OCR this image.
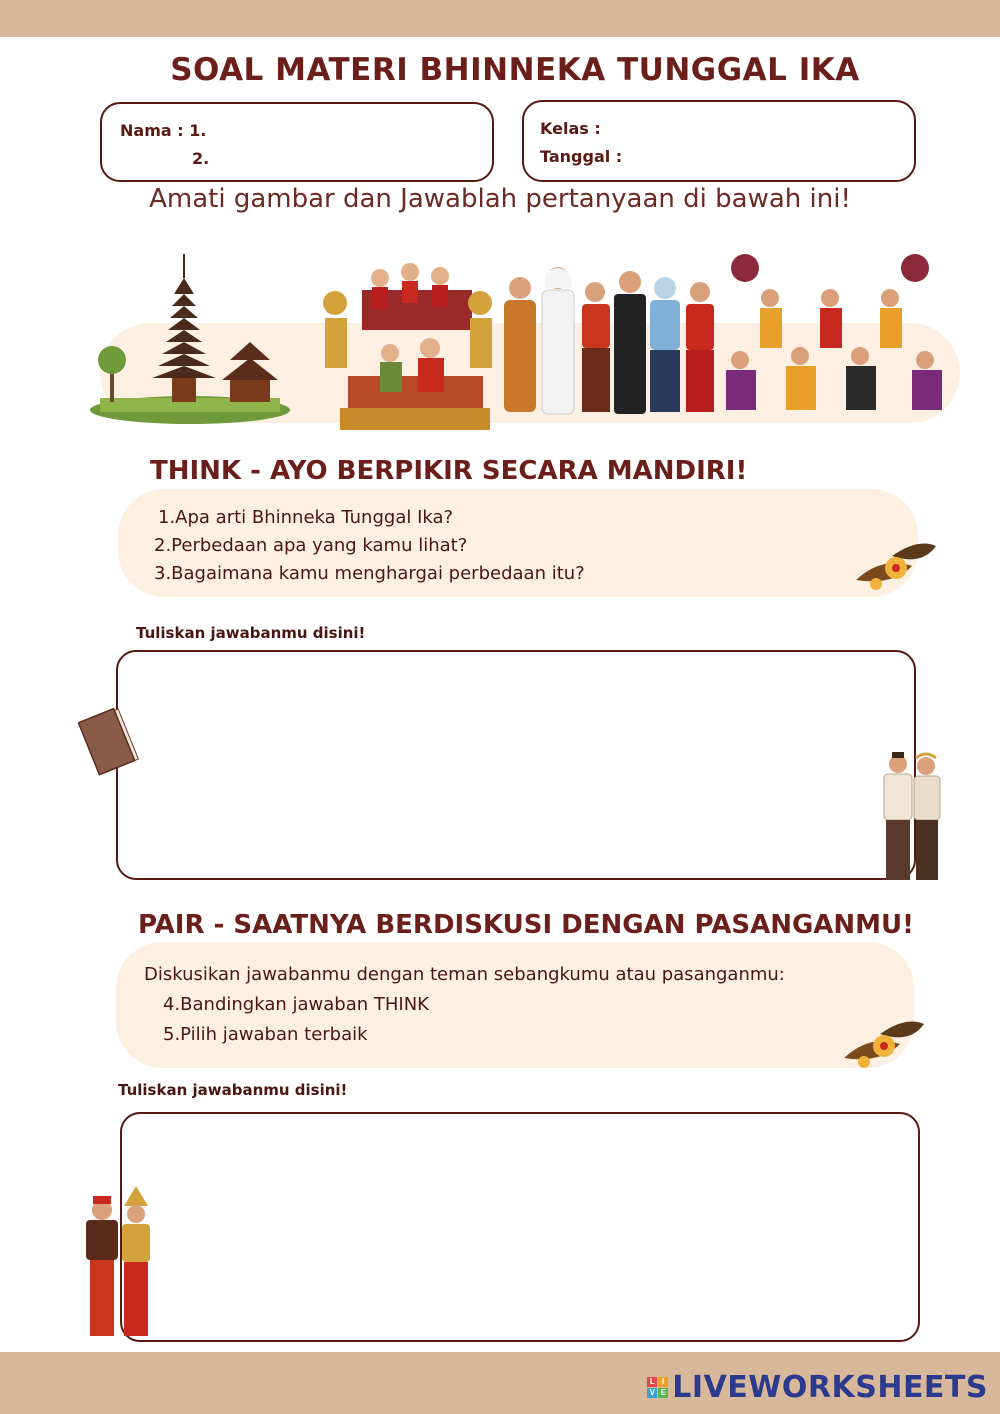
SOAL MATERI BHINNEKA TUNGGAL IKA
Nama : 1.
2.
Kelas :
Tanggal :
Amati gambar dan Jawablah pertanyaan di bawah ini!
THINK - AYO BERPIKIR SECARA MANDIRI!
1.Apa arti Bhinneka Tunggal Ika?
2.Perbedaan apa yang kamu lihat?
3.Bagaimana kamu menghargai perbedaan itu?
Tuliskan jawabanmu disini!
PAIR - SAATNYA BERDISKUSI DENGAN PASANGANMU!
Diskusikan jawabanmu dengan teman sebangkumu atau pasanganmu:
4.Bandingkan jawaban THINK
5.Pilih jawaban terbaik
Tuliskan jawabanmu disini!
L I
V E LIVEWORKSHEETS
